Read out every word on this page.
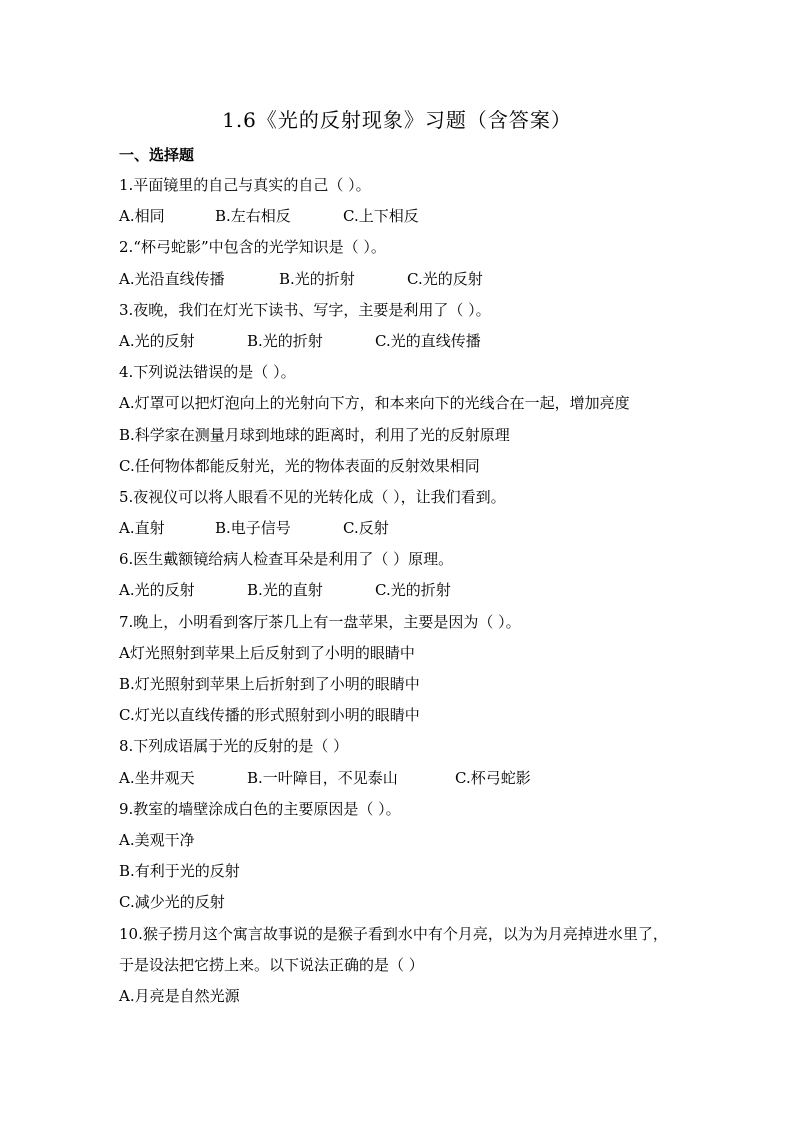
1.6《光的反射现象》习题（含答案）
一、选择题
1.平面镜里的自己与真实的自己（ ）。
A.相同	B.左右相反	C.上下相反
2.“杯弓蛇影”中包含的光学知识是（ ）。
A.光沿直线传播	B.光的折射	C.光的反射
3.夜晚，我们在灯光下读书、写字，主要是利用了（ ）。
A.光的反射	B.光的折射	C.光的直线传播
4.下列说法错误的是（ ）。
A.灯罩可以把灯泡向上的光射向下方，和本来向下的光线合在一起，增加亮度
B.科学家在测量月球到地球的距离时，利用了光的反射原理
C.任何物体都能反射光，光的物体表面的反射效果相同
5.夜视仪可以将人眼看不见的光转化成（ ），让我们看到。
A.直射	B.电子信号	C.反射
6.医生戴额镜给病人检查耳朵是利用了（ ）原理。
A.光的反射	B.光的直射	C.光的折射
7.晚上，小明看到客厅茶几上有一盘苹果，主要是因为（ ）。
A灯光照射到苹果上后反射到了小明的眼睛中
B.灯光照射到苹果上后折射到了小明的眼睛中
C.灯光以直线传播的形式照射到小明的眼睛中
8.下列成语属于光的反射的是（ ）
A.坐井观天	B.一叶障目，不见泰山	C.杯弓蛇影
9.教室的墙壁涂成白色的主要原因是（ ）。
A.美观干净
B.有利于光的反射
C.减少光的反射
10.猴子捞月这个寓言故事说的是猴子看到水中有个月亮，以为为月亮掉进水里了，于是设法把它捞上来。以下说法正确的是（ ）
A.月亮是自然光源
